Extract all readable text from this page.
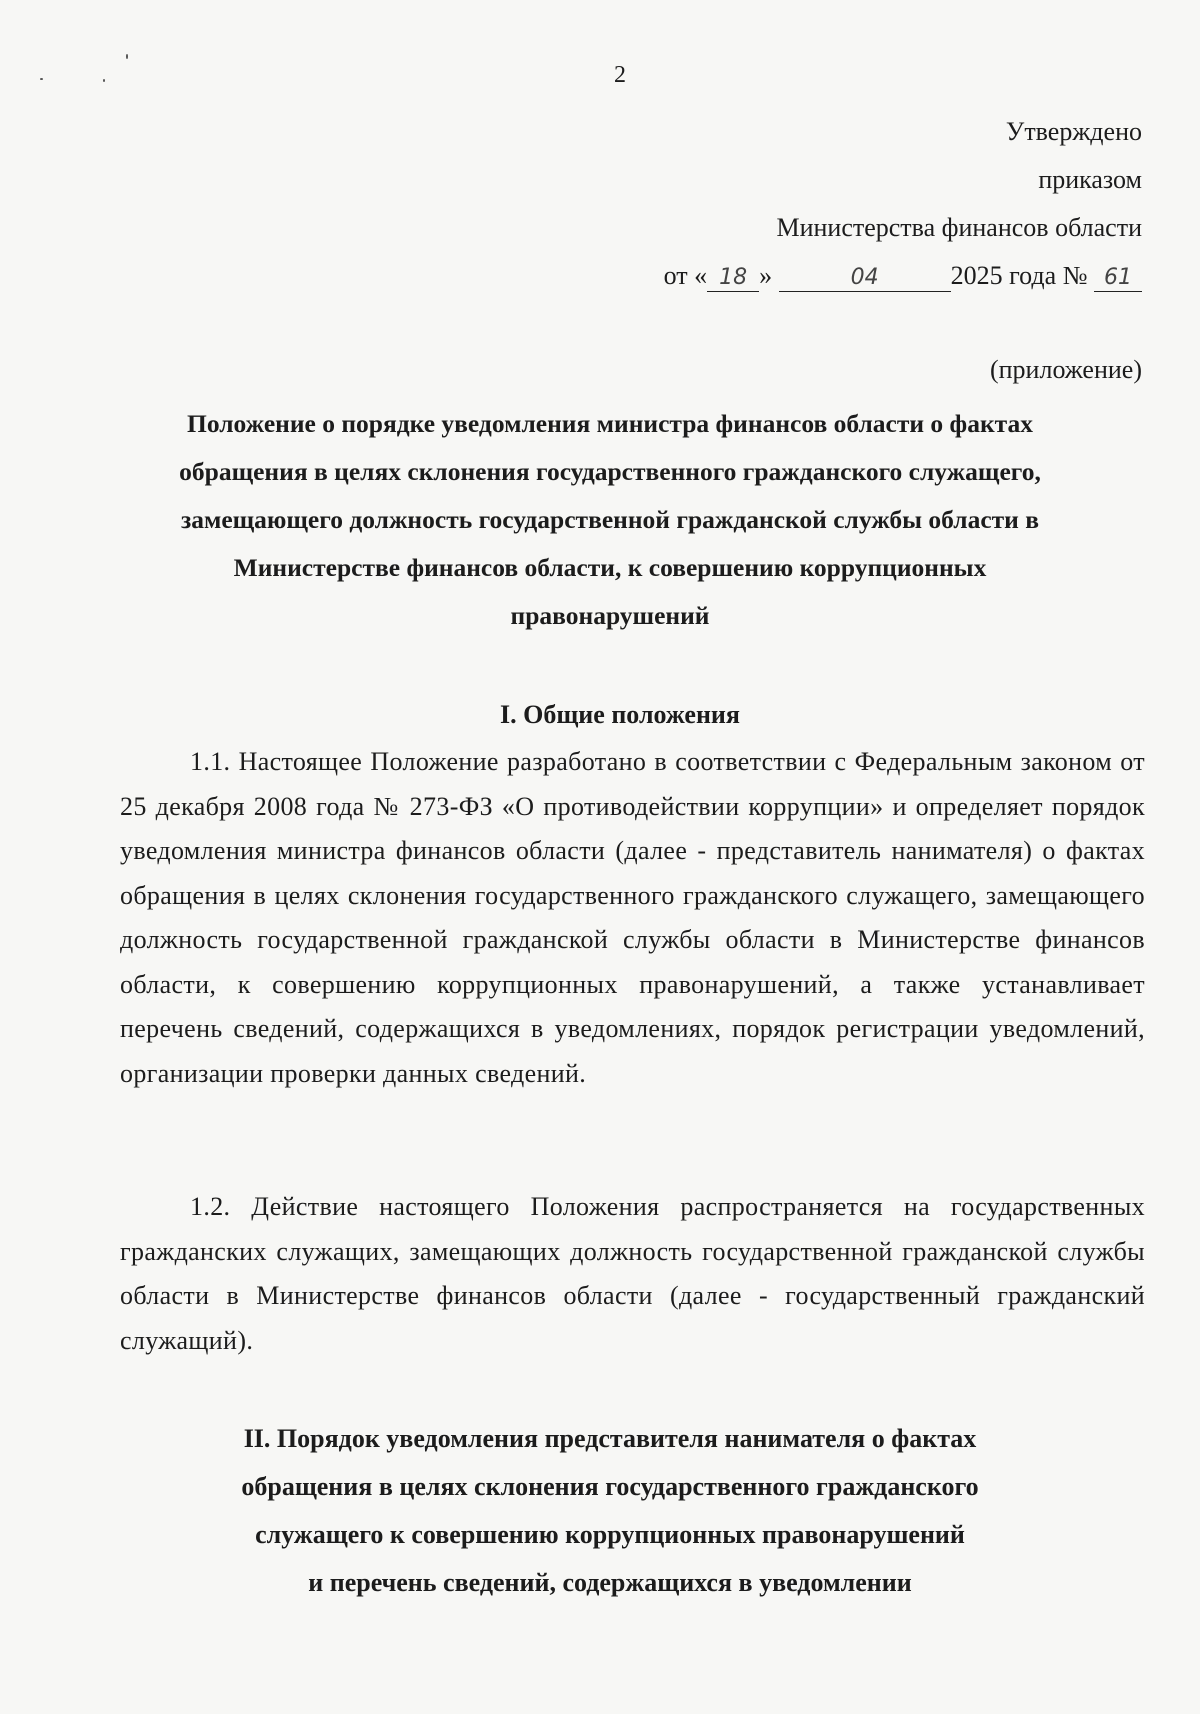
2
Утверждено
приказом
Министерства финансов области
от « 18 »	04	2025 года № 61
(приложение)
Положение о порядке уведомления министра финансов области о фактах
обращения в целях склонения государственного гражданского служащего,
замещающего должность государственной гражданской службы области в
Министерстве финансов области, к совершению коррупционных
правонарушений
I. Общие положения

1.1. Настоящее Положение разработано в соответствии с Федеральным законом от 25 декабря 2008 года № 273-ФЗ «О противодействии коррупции» и определяет порядок уведомления министра финансов области (далее - представитель нанимателя) о фактах обращения в целях склонения государственного гражданского служащего, замещающего должность государственной гражданской службы области в Министерстве финансов области, к совершению коррупционных правонарушений, а также устанавливает перечень сведений, содержащихся в уведомлениях, порядок регистрации уведомлений, организации проверки данных сведений.

1.2. Действие настоящего Положения распространяется на государственных гражданских служащих, замещающих должность государственной гражданской службы области в Министерстве финансов области (далее - государственный гражданский служащий).

II. Порядок уведомления представителя нанимателя о фактах
обращения в целях склонения государственного гражданского
служащего к совершению коррупционных правонарушений
и перечень сведений, содержащихся в уведомлении
